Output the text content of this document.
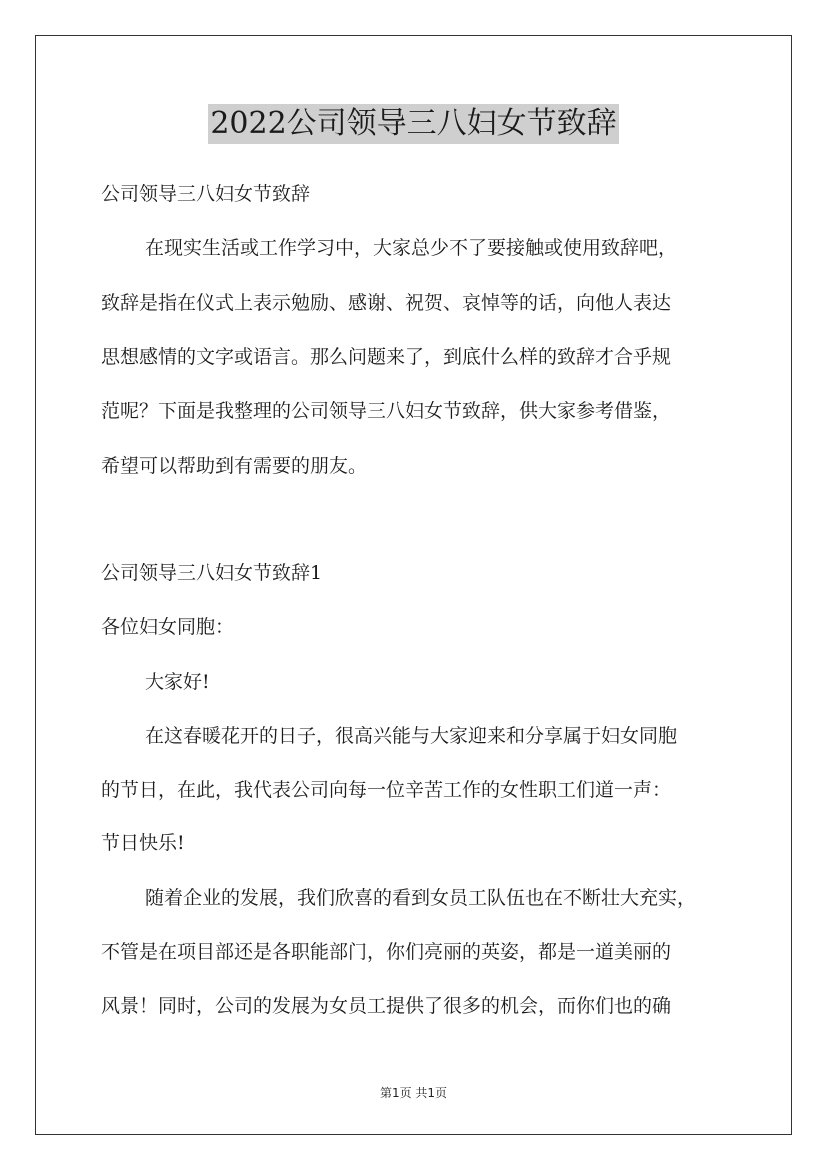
2022公司领导三八妇女节致辞
公司领导三八妇女节致辞
在现实生活或工作学习中，大家总少不了要接触或使用致辞吧，
致辞是指在仪式上表示勉励、感谢、祝贺、哀悼等的话，向他人表达
思想感情的文字或语言。那么问题来了，到底什么样的致辞才合乎规
范呢？下面是我整理的公司领导三八妇女节致辞，供大家参考借鉴，
希望可以帮助到有需要的朋友。
公司领导三八妇女节致辞1
各位妇女同胞：
大家好!
在这春暖花开的日子，很高兴能与大家迎来和分享属于妇女同胞
的节日，在此，我代表公司向每一位辛苦工作的女性职工们道一声：
节日快乐!
随着企业的发展，我们欣喜的看到女员工队伍也在不断壮大充实，
不管是在项目部还是各职能部门，你们亮丽的英姿，都是一道美丽的
风景！同时，公司的发展为女员工提供了很多的机会，而你们也的确
第1页 共1页
